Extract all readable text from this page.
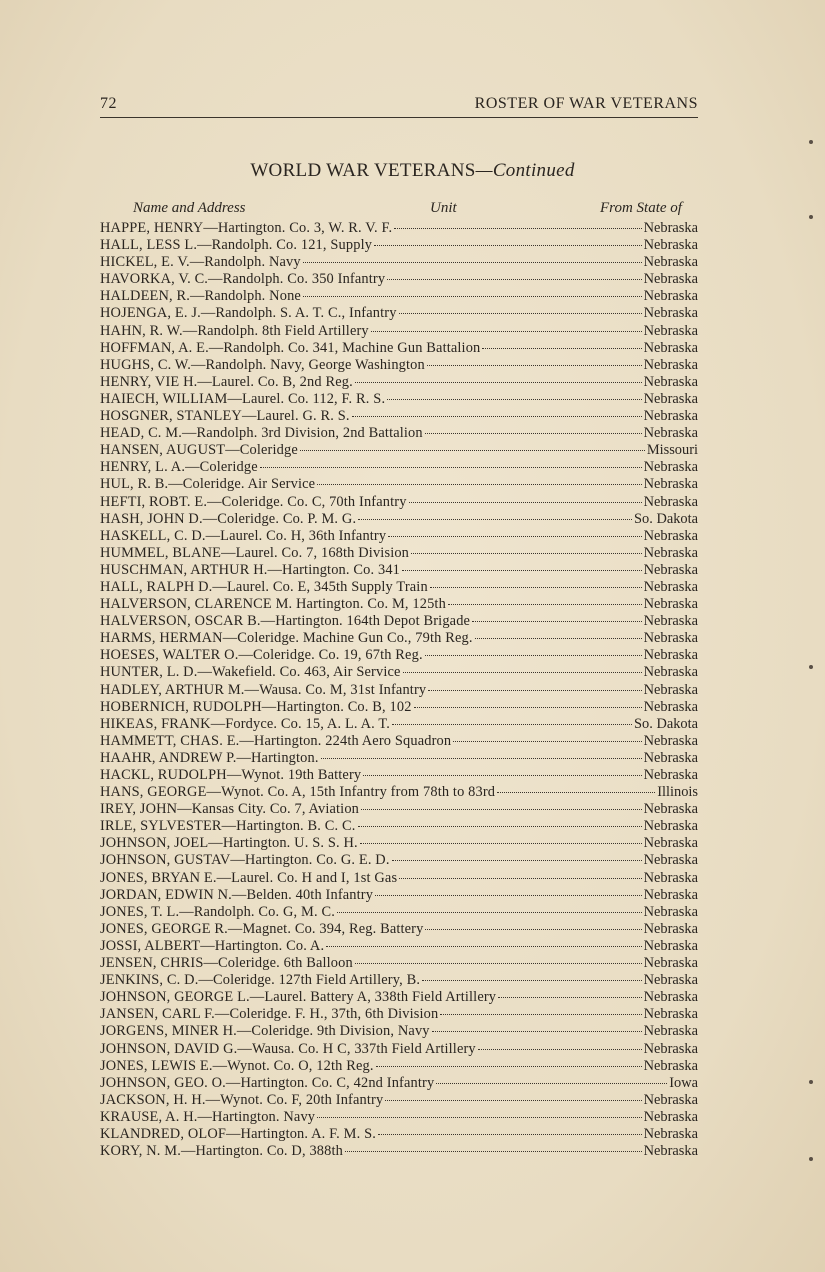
72	ROSTER OF WAR VETERANS
WORLD WAR VETERANS—Continued
Name and Address	Unit	From State of
HAPPE, HENRY—Hartington. Co. 3, W. R. V. F.	Nebraska
HALL, LESS L.—Randolph. Co. 121, Supply	Nebraska
HICKEL, E. V.—Randolph. Navy	Nebraska
HAVORKA, V. C.—Randolph. Co. 350 Infantry	Nebraska
HALDEEN, R.—Randolph. None	Nebraska
HOJENGA, E. J.—Randolph. S. A. T. C., Infantry	Nebraska
HAHN, R. W.—Randolph. 8th Field Artillery	Nebraska
HOFFMAN, A. E.—Randolph. Co. 341, Machine Gun Battalion	Nebraska
HUGHS, C. W.—Randolph. Navy, George Washington	Nebraska
HENRY, VIE H.—Laurel. Co. B, 2nd Reg.	Nebraska
HAIECH, WILLIAM—Laurel. Co. 112, F. R. S.	Nebraska
HOSGNER, STANLEY—Laurel. G. R. S.	Nebraska
HEAD, C. M.—Randolph. 3rd Division, 2nd Battalion	Nebraska
HANSEN, AUGUST—Coleridge	Missouri
HENRY, L. A.—Coleridge	Nebraska
HUL, R. B.—Coleridge. Air Service	Nebraska
HEFTI, ROBT. E.—Coleridge. Co. C, 70th Infantry	Nebraska
HASH, JOHN D.—Coleridge. Co. P. M. G.	So. Dakota
HASKELL, C. D.—Laurel. Co. H, 36th Infantry	Nebraska
HUMMEL, BLANE—Laurel. Co. 7, 168th Division	Nebraska
HUSCHMAN, ARTHUR H.—Hartington. Co. 341	Nebraska
HALL, RALPH D.—Laurel. Co. E, 345th Supply Train	Nebraska
HALVERSON, CLARENCE M. Hartington. Co. M, 125th	Nebraska
HALVERSON, OSCAR B.—Hartington. 164th Depot Brigade	Nebraska
HARMS, HERMAN—Coleridge. Machine Gun Co., 79th Reg.	Nebraska
HOESES, WALTER O.—Coleridge. Co. 19, 67th Reg.	Nebraska
HUNTER, L. D.—Wakefield. Co. 463, Air Service	Nebraska
HADLEY, ARTHUR M.—Wausa. Co. M, 31st Infantry	Nebraska
HOBERNICH, RUDOLPH—Hartington. Co. B, 102	Nebraska
HIKEAS, FRANK—Fordyce. Co. 15, A. L. A. T.	So. Dakota
HAMMETT, CHAS. E.—Hartington. 224th Aero Squadron	Nebraska
HAAHR, ANDREW P.—Hartington.	Nebraska
HACKL, RUDOLPH—Wynot. 19th Battery	Nebraska
HANS, GEORGE—Wynot. Co. A, 15th Infantry from 78th to 83rd	Illinois
IREY, JOHN—Kansas City. Co. 7, Aviation	Nebraska
IRLE, SYLVESTER—Hartington. B. C. C.	Nebraska
JOHNSON, JOEL—Hartington. U. S. S. H.	Nebraska
JOHNSON, GUSTAV—Hartington. Co. G. E. D.	Nebraska
JONES, BRYAN E.—Laurel. Co. H and I, 1st Gas	Nebraska
JORDAN, EDWIN N.—Belden. 40th Infantry	Nebraska
JONES, T. L.—Randolph. Co. G, M. C.	Nebraska
JONES, GEORGE R.—Magnet. Co. 394, Reg. Battery	Nebraska
JOSSI, ALBERT—Hartington. Co. A.	Nebraska
JENSEN, CHRIS—Coleridge. 6th Balloon	Nebraska
JENKINS, C. D.—Coleridge. 127th Field Artillery, B.	Nebraska
JOHNSON, GEORGE L.—Laurel. Battery A, 338th Field Artillery	Nebraska
JANSEN, CARL F.—Coleridge. F. H., 37th, 6th Division	Nebraska
JORGENS, MINER H.—Coleridge. 9th Division, Navy	Nebraska
JOHNSON, DAVID G.—Wausa. Co. H C, 337th Field Artillery	Nebraska
JONES, LEWIS E.—Wynot. Co. O, 12th Reg.	Nebraska
JOHNSON, GEO. O.—Hartington. Co. C, 42nd Infantry	Iowa
JACKSON, H. H.—Wynot. Co. F, 20th Infantry	Nebraska
KRAUSE, A. H.—Hartington. Navy	Nebraska
KLANDRED, OLOF—Hartington. A. F. M. S.	Nebraska
KORY, N. M.—Hartington. Co. D, 388th	Nebraska
